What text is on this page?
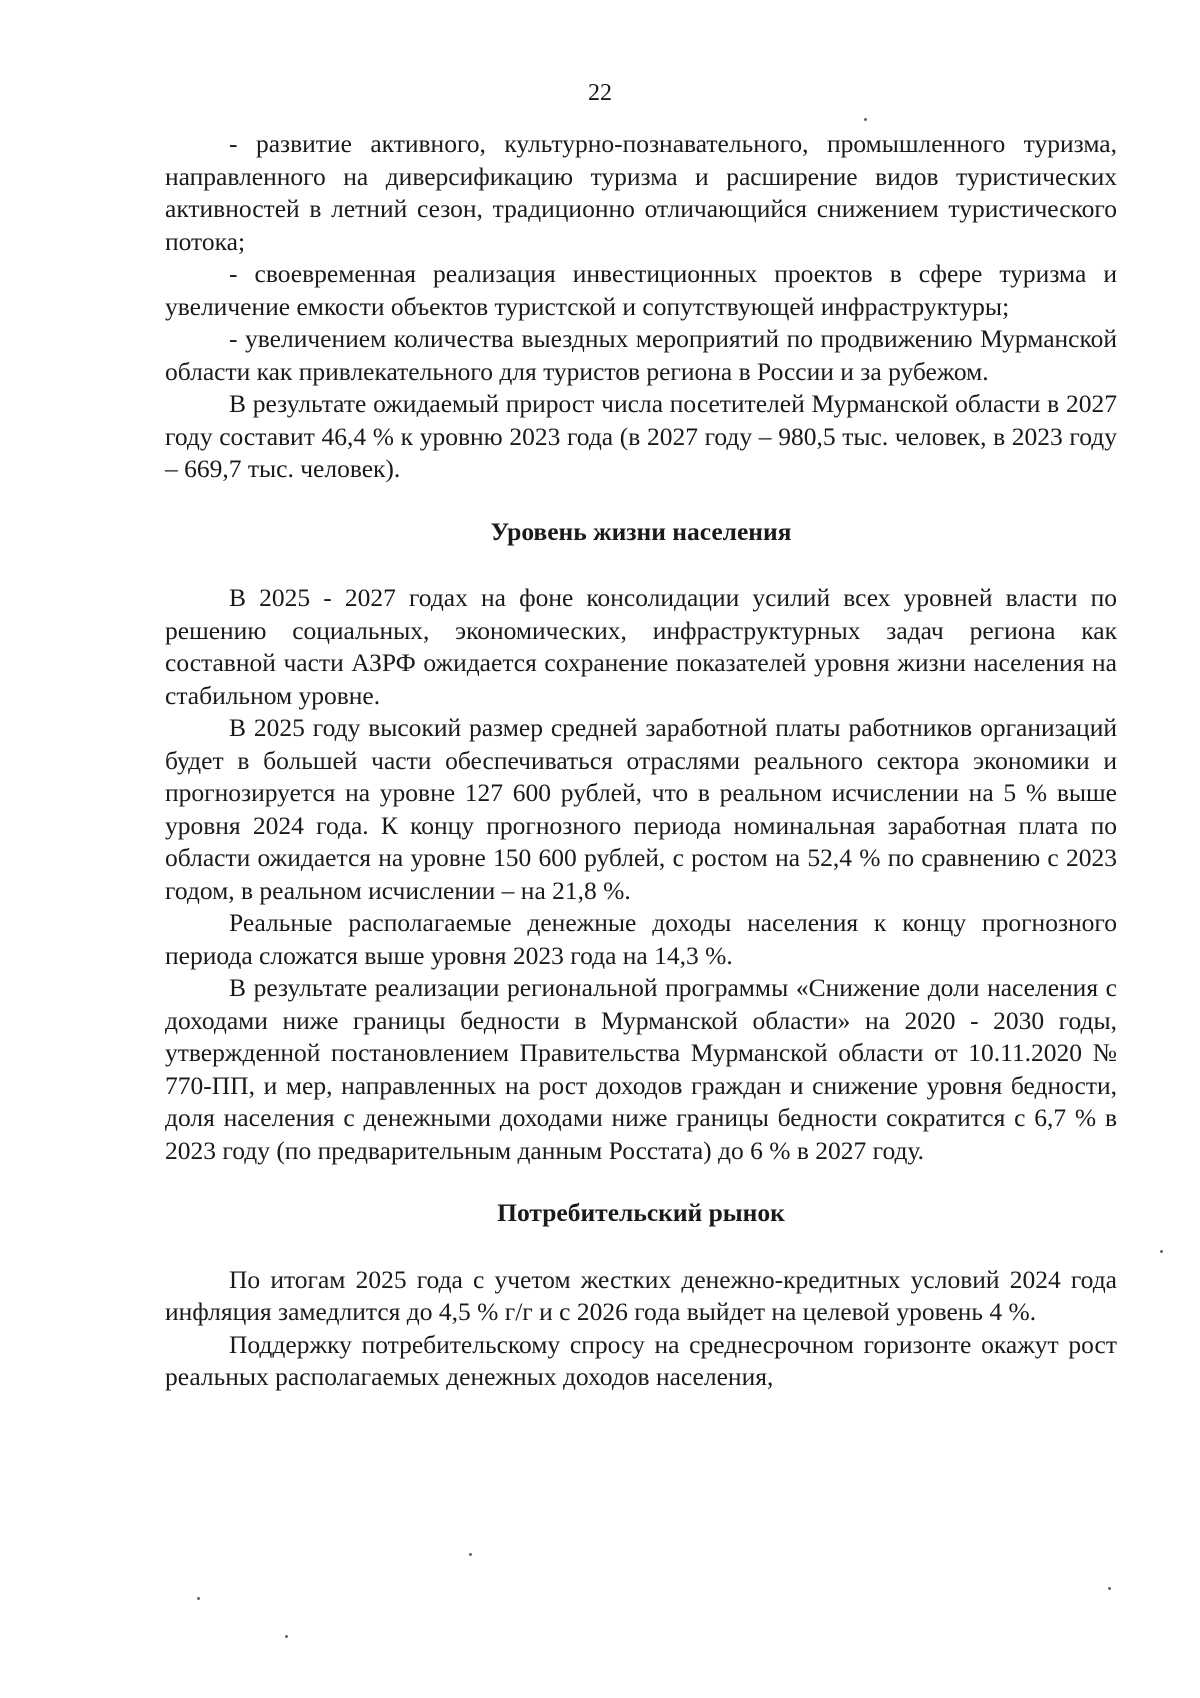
22

- развитие активного, культурно-познавательного, промышленного туризма, направленного на диверсификацию туризма и расширение видов туристических активностей в летний сезон, традиционно отличающийся снижением туристического потока;

- своевременная реализация инвестиционных проектов в сфере туризма и увеличение емкости объектов туристской и сопутствующей инфраструктуры;

- увеличением количества выездных мероприятий по продвижению Мурманской области как привлекательного для туристов региона в России и за рубежом.

В результате ожидаемый прирост числа посетителей Мурманской области в 2027 году составит 46,4 % к уровню 2023 года (в 2027 году – 980,5 тыс. человек, в 2023 году – 669,7 тыс. человек).

Уровень жизни населения

В 2025 - 2027 годах на фоне консолидации усилий всех уровней власти по решению социальных, экономических, инфраструктурных задач региона как составной части АЗРФ ожидается сохранение показателей уровня жизни населения на стабильном уровне.

В 2025 году высокий размер средней заработной платы работников организаций будет в большей части обеспечиваться отраслями реального сектора экономики и прогнозируется на уровне 127 600 рублей, что в реальном исчислении на 5 % выше уровня 2024 года. К концу прогнозного периода номинальная заработная плата по области ожидается на уровне 150 600 рублей, с ростом на 52,4 % по сравнению с 2023 годом, в реальном исчислении – на 21,8 %.

Реальные располагаемые денежные доходы населения к концу прогнозного периода сложатся выше уровня 2023 года на 14,3 %.

В результате реализации региональной программы «Снижение доли населения с доходами ниже границы бедности в Мурманской области» на 2020 - 2030 годы, утвержденной постановлением Правительства Мурманской области от 10.11.2020 № 770-ПП, и мер, направленных на рост доходов граждан и снижение уровня бедности, доля населения с денежными доходами ниже границы бедности сократится с 6,7 % в 2023 году (по предварительным данным Росстата) до 6 % в 2027 году.

Потребительский рынок

По итогам 2025 года с учетом жестких денежно-кредитных условий 2024 года инфляция замедлится до 4,5 % г/г и с 2026 года выйдет на целевой уровень 4 %.

Поддержку потребительскому спросу на среднесрочном горизонте окажут рост реальных располагаемых денежных доходов населения,
